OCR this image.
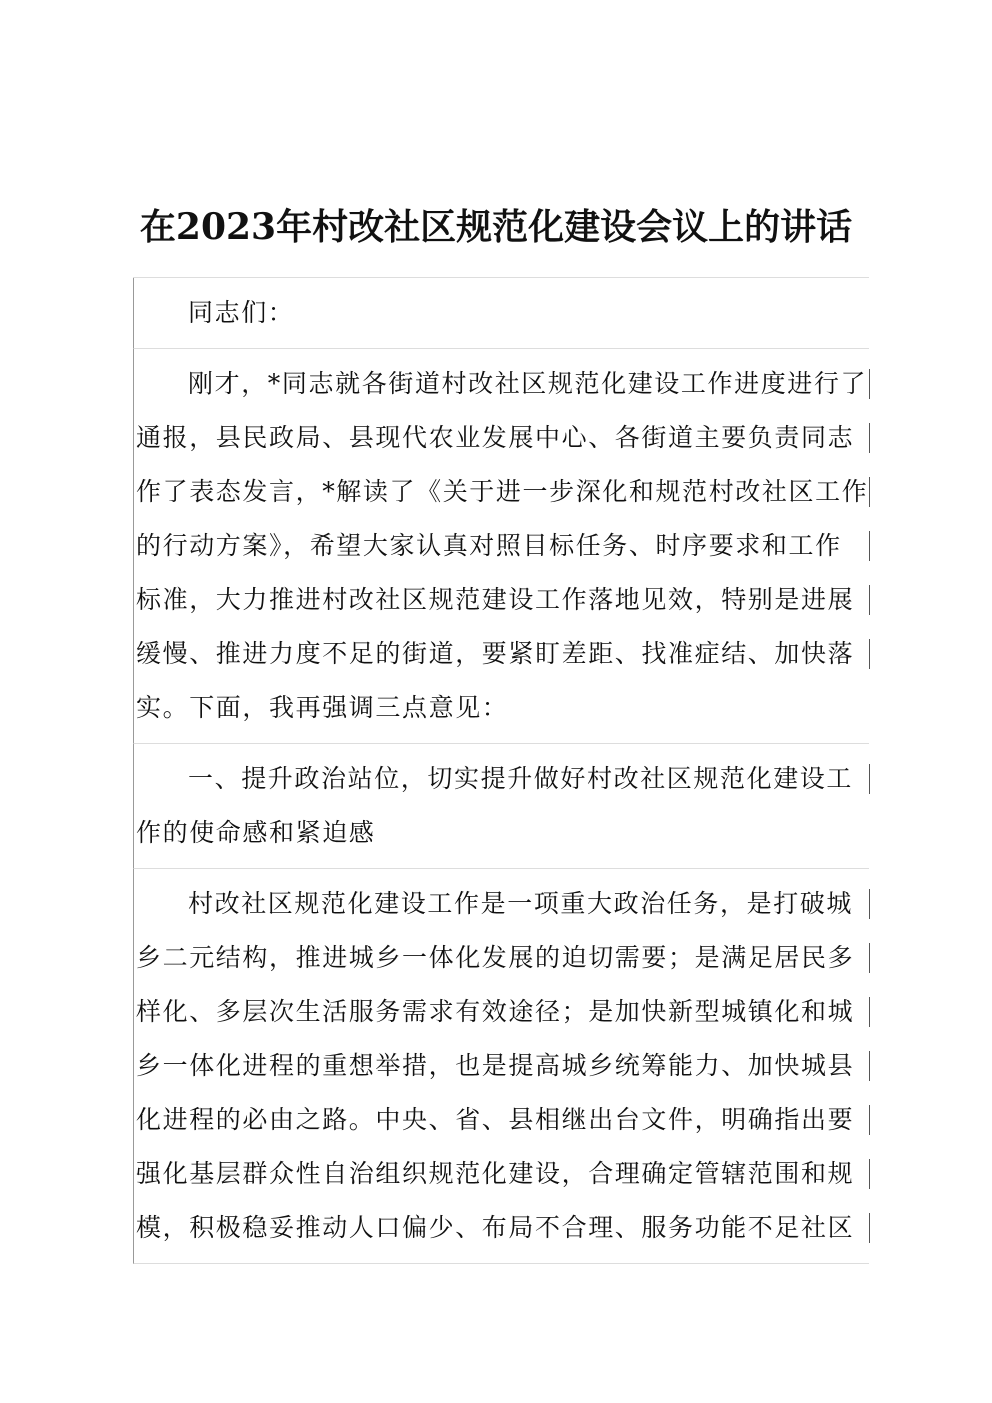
在2023年村改社区规范化建设会议上的讲话
同志们：
刚才，*同志就各街道村改社区规范化建设工作进度进行了
通报，县民政局、县现代农业发展中心、各街道主要负责同志
作了表态发言，*解读了《关于进一步深化和规范村改社区工作
的行动方案》，希望大家认真对照目标任务、时序要求和工作
标准，大力推进村改社区规范建设工作落地见效，特别是进展
缓慢、推进力度不足的街道，要紧盯差距、找准症结、加快落
实。下面，我再强调三点意见：
一、提升政治站位，切实提升做好村改社区规范化建设工
作的使命感和紧迫感
村改社区规范化建设工作是一项重大政治任务，是打破城
乡二元结构，推进城乡一体化发展的迫切需要；是满足居民多
样化、多层次生活服务需求有效途径；是加快新型城镇化和城
乡一体化进程的重想举措，也是提高城乡统筹能力、加快城县
化进程的必由之路。中央、省、县相继出台文件，明确指出要
强化基层群众性自治组织规范化建设，合理确定管辖范围和规
模，积极稳妥推动人口偏少、布局不合理、服务功能不足社区
